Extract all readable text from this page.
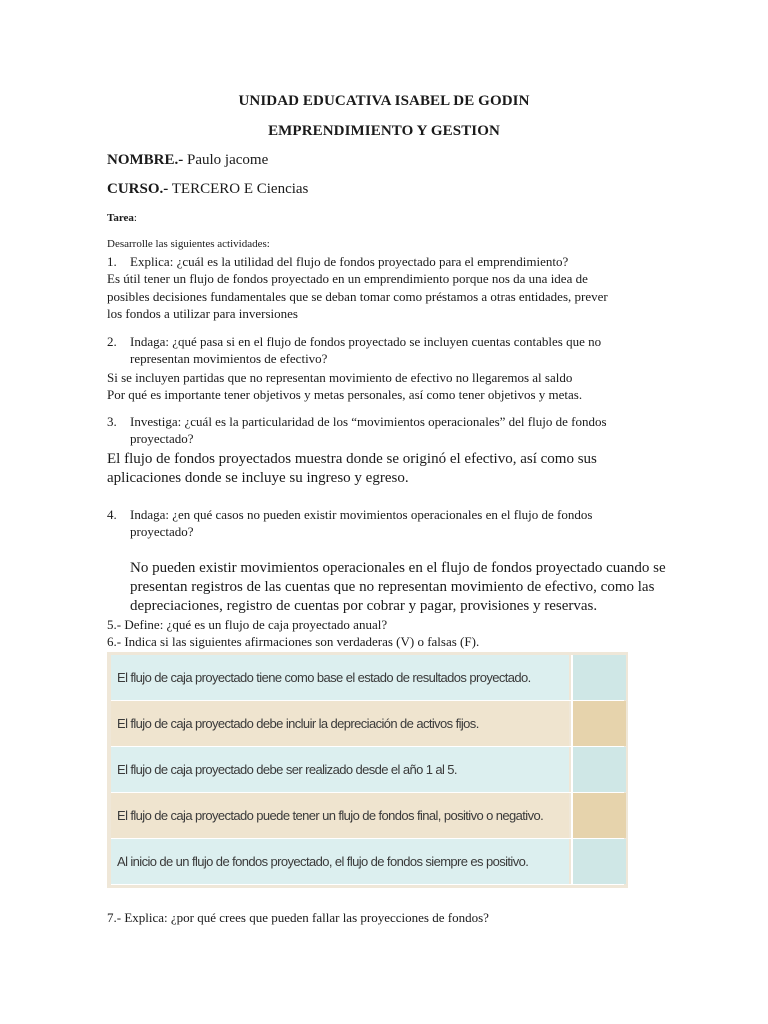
UNIDAD EDUCATIVA ISABEL DE GODIN
EMPRENDIMIENTO Y GESTION
NOMBRE.- Paulo jacome
CURSO.- TERCERO E Ciencias
Tarea:
Desarrolle las siguientes actividades:
1. Explica: ¿cuál es la utilidad del flujo de fondos proyectado para el emprendimiento?
Es útil tener un flujo de fondos proyectado en un emprendimiento porque nos da una idea de
posibles decisiones fundamentales que se deban tomar como préstamos a otras entidades, prever
los fondos a utilizar para inversiones
2. Indaga: ¿qué pasa si en el flujo de fondos proyectado se incluyen cuentas contables que no
representan movimientos de efectivo?
Si se incluyen partidas que no representan movimiento de efectivo no llegaremos al saldo
Por qué es importante tener objetivos y metas personales, así como tener objetivos y metas.
3. Investiga: ¿cuál es la particularidad de los “movimientos operacionales” del flujo de fondos
proyectado?
El flujo de fondos proyectados muestra donde se originó el efectivo, así como sus
aplicaciones donde se incluye su ingreso y egreso.
4. Indaga: ¿en qué casos no pueden existir movimientos operacionales en el flujo de fondos
proyectado?
No pueden existir movimientos operacionales en el flujo de fondos proyectado cuando se
presentan registros de las cuentas que no representan movimiento de efectivo, como las
depreciaciones, registro de cuentas por cobrar y pagar, provisiones y reservas.
5.- Define: ¿qué es un flujo de caja proyectado anual?
6.- Indica si las siguientes afirmaciones son verdaderas (V) o falsas (F).
El flujo de caja proyectado tiene como base el estado de resultados proyectado.
El flujo de caja proyectado debe incluir la depreciación de activos fijos.
El flujo de caja proyectado debe ser realizado desde el año 1 al 5.
El flujo de caja proyectado puede tener un flujo de fondos final, positivo o negativo.
Al inicio de un flujo de fondos proyectado, el flujo de fondos siempre es positivo.
7.- Explica: ¿por qué crees que pueden fallar las proyecciones de fondos?
